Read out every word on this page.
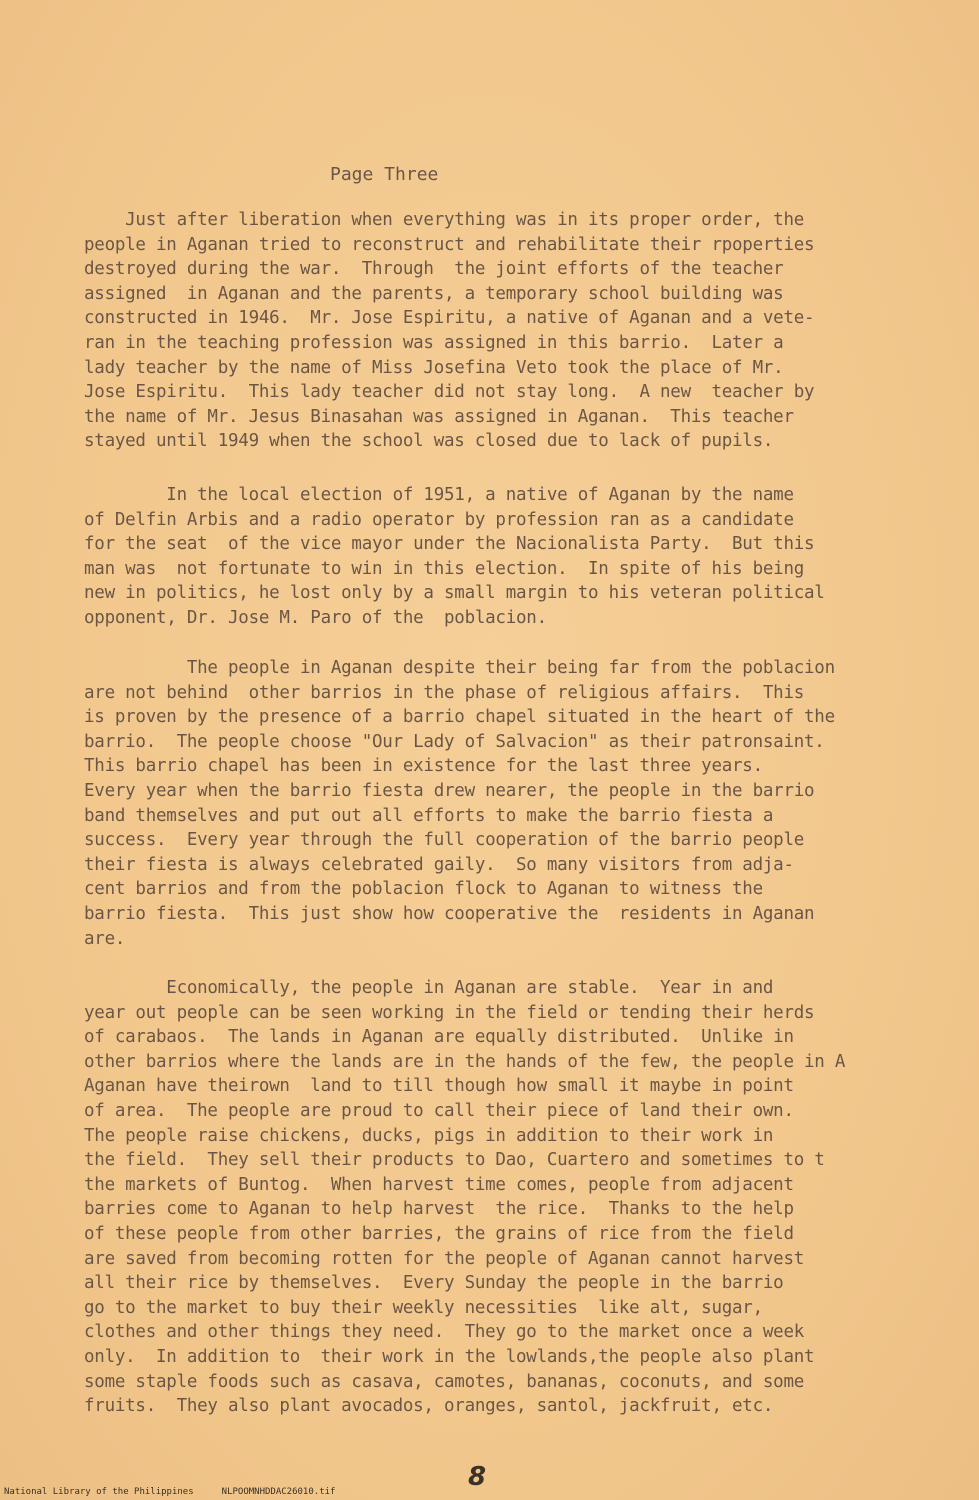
Page Three
Just after liberation when everything was in its proper order, the
people in Aganan tried to reconstruct and rehabilitate their rpoperties
destroyed during the war.  Through  the joint efforts of the teacher
assigned  in Aganan and the parents, a temporary school building was
constructed in 1946.  Mr. Jose Espiritu, a native of Aganan and a vete-
ran in the teaching profession was assigned in this barrio.  Later a
lady teacher by the name of Miss Josefina Veto took the place of Mr.
Jose Espiritu.  This lady teacher did not stay long.  A new  teacher by
the name of Mr. Jesus Binasahan was assigned in Aganan.  This teacher
stayed until 1949 when the school was closed due to lack of pupils.
In the local election of 1951, a native of Aganan by the name
of Delfin Arbis and a radio operator by profession ran as a candidate
for the seat  of the vice mayor under the Nacionalista Party.  But this
man was  not fortunate to win in this election.  In spite of his being
new in politics, he lost only by a small margin to his veteran political
opponent, Dr. Jose M. Paro of the  poblacion.
The people in Aganan despite their being far from the poblacion
are not behind  other barrios in the phase of religious affairs.  This
is proven by the presence of a barrio chapel situated in the heart of the
barrio.  The people choose "Our Lady of Salvacion" as their patronsaint.
This barrio chapel has been in existence for the last three years.
Every year when the barrio fiesta drew nearer, the people in the barrio
band themselves and put out all efforts to make the barrio fiesta a
success.  Every year through the full cooperation of the barrio people
their fiesta is always celebrated gaily.  So many visitors from adja-
cent barrios and from the poblacion flock to Aganan to witness the
barrio fiesta.  This just show how cooperative the  residents in Aganan
are.
Economically, the people in Aganan are stable.  Year in and
year out people can be seen working in the field or tending their herds
of carabaos.  The lands in Aganan are equally distributed.  Unlike in
other barrios where the lands are in the hands of the few, the people in A
Aganan have theirown  land to till though how small it maybe in point
of area.  The people are proud to call their piece of land their own.
The people raise chickens, ducks, pigs in addition to their work in
the field.  They sell their products to Dao, Cuartero and sometimes to t
the markets of Buntog.  When harvest time comes, people from adjacent
barries come to Aganan to help harvest  the rice.  Thanks to the help
of these people from other barries, the grains of rice from the field
are saved from becoming rotten for the people of Aganan cannot harvest
all their rice by themselves.  Every Sunday the people in the barrio
go to the market to buy their weekly necessities  like alt, sugar,
clothes and other things they need.  They go to the market once a week
only.  In addition to  their work in the lowlands,the people also plant
some staple foods such as casava, camotes, bananas, coconuts, and some
fruits.  They also plant avocados, oranges, santol, jackfruit, etc.
8
National Library of the Philippines	NLPOOMNHDDAC26010.tif
